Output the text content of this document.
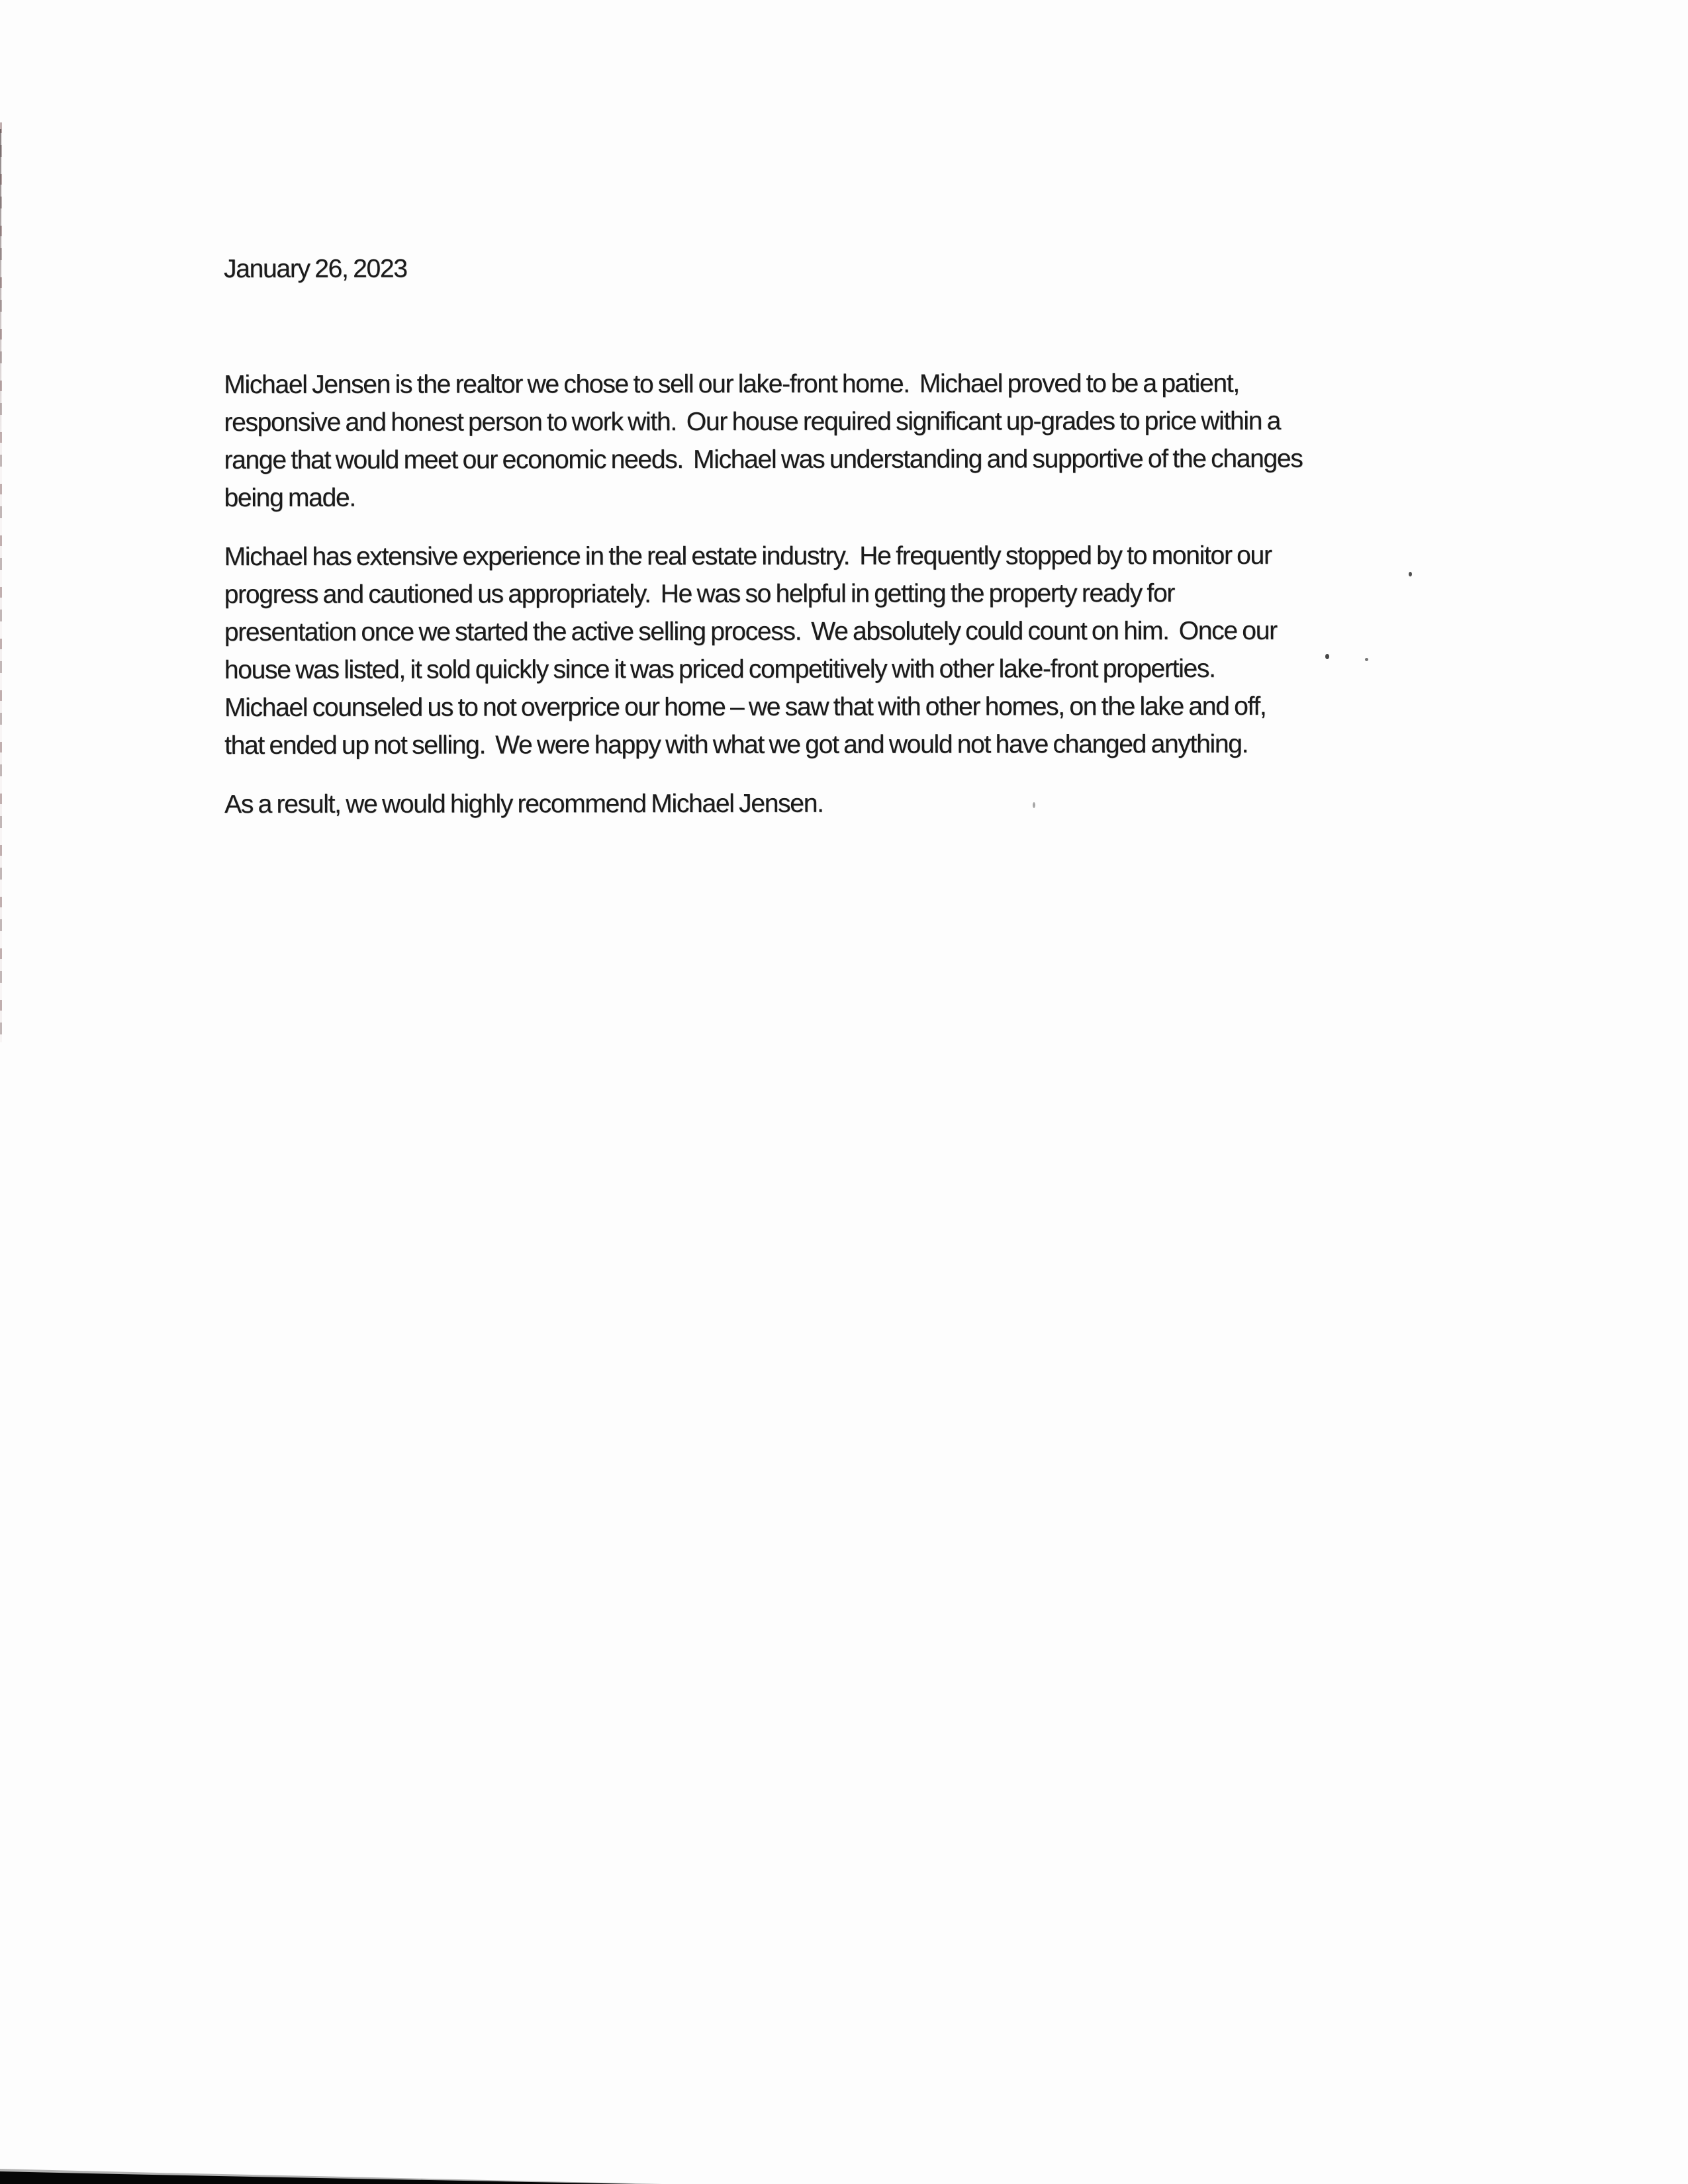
January 26, 2023
Michael Jensen is the realtor we chose to sell our lake-front home.  Michael proved to be a patient,
responsive and honest person to work with.  Our house required significant up-grades to price within a
range that would meet our economic needs.  Michael was understanding and supportive of the changes
being made.
Michael has extensive experience in the real estate industry.  He frequently stopped by to monitor our
progress and cautioned us appropriately.  He was so helpful in getting the property ready for
presentation once we started the active selling process.  We absolutely could count on him.  Once our
house was listed, it sold quickly since it was priced competitively with other lake-front properties.
Michael counseled us to not overprice our home – we saw that with other homes, on the lake and off,
that ended up not selling.  We were happy with what we got and would not have changed anything.
As a result, we would highly recommend Michael Jensen.
